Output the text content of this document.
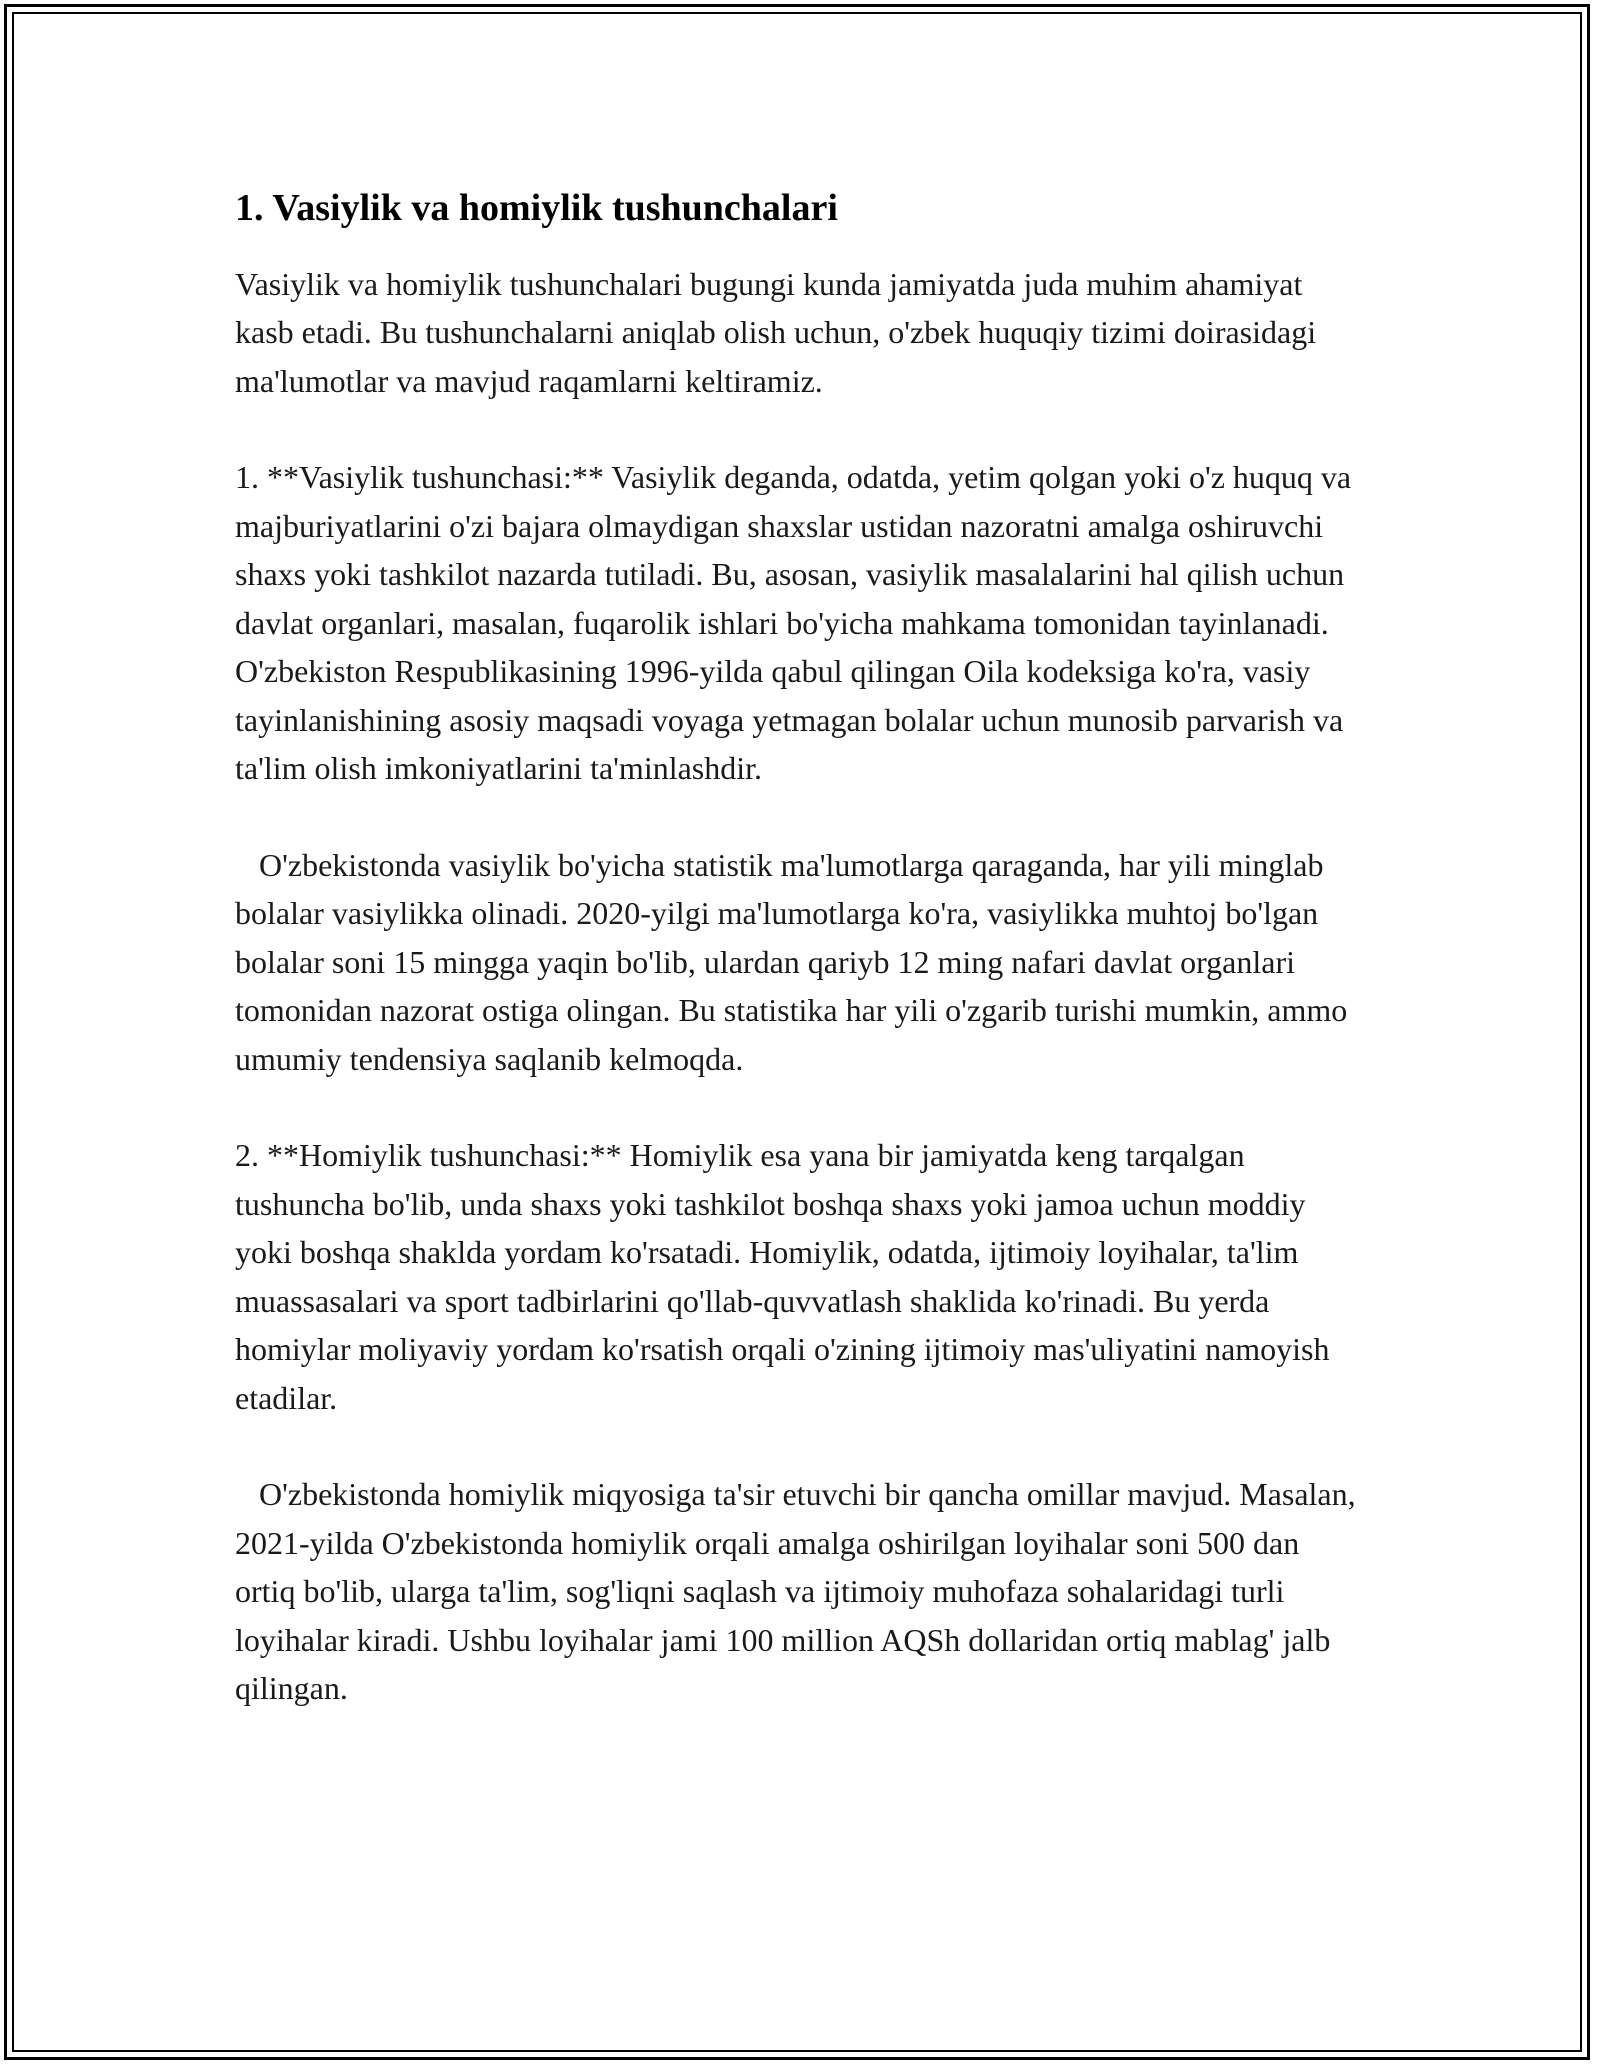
1. Vasiylik va homiylik tushunchalari

Vasiylik va homiylik tushunchalari bugungi kunda jamiyatda juda muhim ahamiyat kasb etadi. Bu tushunchalarni aniqlab olish uchun, o'zbek huquqiy tizimi doirasidagi ma'lumotlar va mavjud raqamlarni keltiramiz.

1. **Vasiylik tushunchasi:** Vasiylik deganda, odatda, yetim qolgan yoki o'z huquq va majburiyatlarini o'zi bajara olmaydigan shaxslar ustidan nazoratni amalga oshiruvchi shaxs yoki tashkilot nazarda tutiladi. Bu, asosan, vasiylik masalalarini hal qilish uchun davlat organlari, masalan, fuqarolik ishlari bo'yicha mahkama tomonidan tayinlanadi. O'zbekiston Respublikasining 1996-yilda qabul qilingan Oila kodeksiga ko'ra, vasiy tayinlanishining asosiy maqsadi voyaga yetmagan bolalar uchun munosib parvarish va ta'lim olish imkoniyatlarini ta'minlashdir.

O'zbekistonda vasiylik bo'yicha statistik ma'lumotlarga qaraganda, har yili minglab bolalar vasiylikka olinadi. 2020-yilgi ma'lumotlarga ko'ra, vasiylikka muhtoj bo'lgan bolalar soni 15 mingga yaqin bo'lib, ulardan qariyb 12 ming nafari davlat organlari tomonidan nazorat ostiga olingan. Bu statistika har yili o'zgarib turishi mumkin, ammo umumiy tendensiya saqlanib kelmoqda.

2. **Homiylik tushunchasi:** Homiylik esa yana bir jamiyatda keng tarqalgan tushuncha bo'lib, unda shaxs yoki tashkilot boshqa shaxs yoki jamoa uchun moddiy yoki boshqa shaklda yordam ko'rsatadi. Homiylik, odatda, ijtimoiy loyihalar, ta'lim muassasalari va sport tadbirlarini qo'llab-quvvatlash shaklida ko'rinadi. Bu yerda homiylar moliyaviy yordam ko'rsatish orqali o'zining ijtimoiy mas'uliyatini namoyish etadilar.

O'zbekistonda homiylik miqyosiga ta'sir etuvchi bir qancha omillar mavjud. Masalan, 2021-yilda O'zbekistonda homiylik orqali amalga oshirilgan loyihalar soni 500 dan ortiq bo'lib, ularga ta'lim, sog'liqni saqlash va ijtimoiy muhofaza sohalaridagi turli loyihalar kiradi. Ushbu loyihalar jami 100 million AQSh dollaridan ortiq mablag' jalb qilingan.
